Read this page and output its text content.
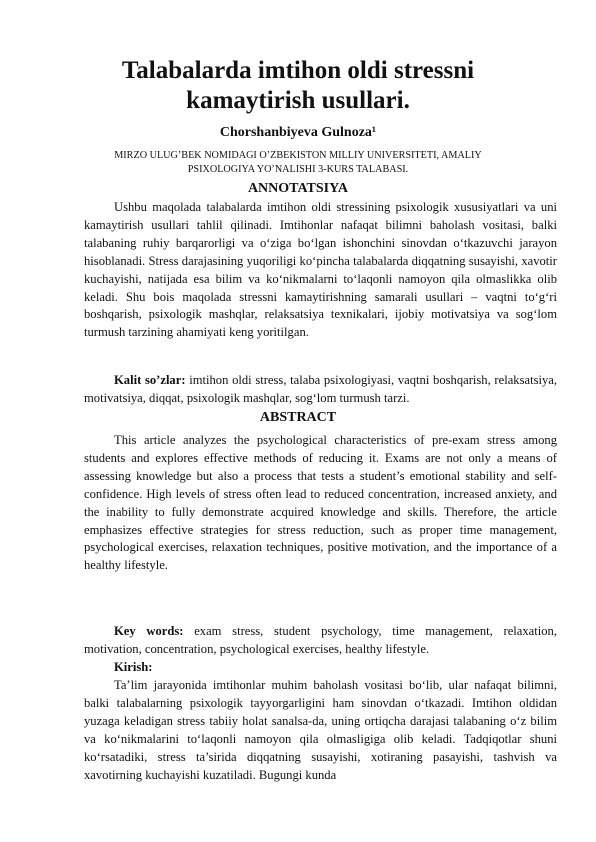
Talabalarda imtihon oldi stressni kamaytirish usullari.
Chorshanbiyeva Gulnoza¹
MIRZO ULUG’BEK NOMIDAGI O’ZBEKISTON MILLIY UNIVERSITETI, AMALIY PSIXOLOGIYA YO’NALISHI 3-KURS TALABASI.
ANNOTATSIYA

Ushbu maqolada talabalarda imtihon oldi stressining psixologik xususiyatlari va uni kamaytirish usullari tahlil qilinadi. Imtihonlar nafaqat bilimni baholash vositasi, balki talabaning ruhiy barqarorligi va o‘ziga bo‘lgan ishonchini sinovdan o‘tkazuvchi jarayon hisoblanadi. Stress darajasining yuqoriligi ko‘pincha talabalarda diqqatning susayishi, xavotir kuchayishi, natijada esa bilim va ko‘nikmalarni to‘laqonli namoyon qila olmaslikka olib keladi. Shu bois maqolada stressni kamaytirishning samarali usullari – vaqtni to‘g‘ri boshqarish, psixologik mashqlar, relaksatsiya texnikalari, ijobiy motivatsiya va sog‘lom turmush tarzining ahamiyati keng yoritilgan.

Kalit so’zlar: imtihon oldi stress, talaba psixologiyasi, vaqtni boshqarish, relaksatsiya, motivatsiya, diqqat, psixologik mashqlar, sog‘lom turmush tarzi.

ABSTRACT

This article analyzes the psychological characteristics of pre-exam stress among students and explores effective methods of reducing it. Exams are not only a means of assessing knowledge but also a process that tests a student’s emotional stability and self-confidence. High levels of stress often lead to reduced concentration, increased anxiety, and the inability to fully demonstrate acquired knowledge and skills. Therefore, the article emphasizes effective strategies for stress reduction, such as proper time management, psychological exercises, relaxation techniques, positive motivation, and the importance of a healthy lifestyle.

Key words: exam stress, student psychology, time management, relaxation, motivation, concentration, psychological exercises, healthy lifestyle.

Kirish:

Ta’lim jarayonida imtihonlar muhim baholash vositasi bo‘lib, ular nafaqat bilimni, balki talabalarning psixologik tayyorgarligini ham sinovdan o‘tkazadi. Imtihon oldidan yuzaga keladigan stress tabiiy holat sanalsa-da, uning ortiqcha darajasi talabaning o‘z bilim va ko‘nikmalarini to‘laqonli namoyon qila olmasligiga olib keladi. Tadqiqotlar shuni ko‘rsatadiki, stress ta’sirida diqqatning susayishi, xotiraning pasayishi, tashvish va xavotirning kuchayishi kuzatiladi. Bugungi kunda
